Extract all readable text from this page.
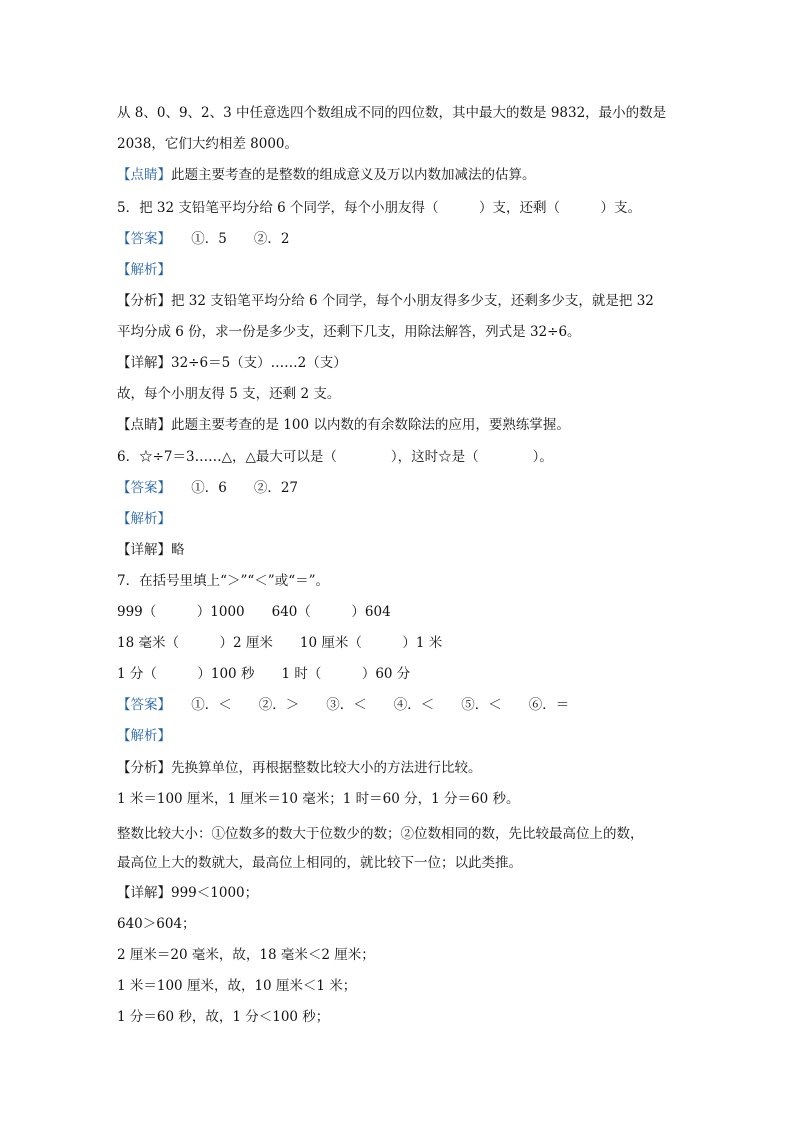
从 8、0、9、2、3 中任意选四个数组成不同的四位数，其中最大的数是 9832，最小的数是
2038，它们大约相差 8000。
【点睛】此题主要考查的是整数的组成意义及万以内数加减法的估算。
5．把 32 支铅笔平均分给 6 个同学，每个小朋友得（　　　）支，还剩（　　　）支。
【答案】　　①．5　　②．2
【解析】
【分析】把 32 支铅笔平均分给 6 个同学，每个小朋友得多少支，还剩多少支，就是把 32
平均分成 6 份，求一份是多少支，还剩下几支，用除法解答，列式是 32÷6。
【详解】32÷6＝5（支）……2（支）
故，每个小朋友得 5 支，还剩 2 支。
【点睛】此题主要考查的是 100 以内数的有余数除法的应用，要熟练掌握。
6．☆÷7＝3……△，△最大可以是（　　　　），这时☆是（　　　　）。
【答案】　　①．6　　②．27
【解析】
【详解】略
7．在括号里填上“＞”“＜”或“＝”。
999（　　　）1000　　640（　　　）604
18 毫米（　　　）2 厘米　　10 厘米（　　　）1 米
1 分（　　　）100 秒　　1 时（　　　）60 分
【答案】　　①．＜　　②．＞　　③．＜　　④．＜　　⑤．＜　　⑥．＝
【解析】
【分析】先换算单位，再根据整数比较大小的方法进行比较。
1 米＝100 厘米，1 厘米＝10 毫米；1 时＝60 分，1 分＝60 秒。
整数比较大小：①位数多的数大于位数少的数；②位数相同的数，先比较最高位上的数，
最高位上大的数就大，最高位上相同的，就比较下一位；以此类推。
【详解】999＜1000；
640＞604；
2 厘米＝20 毫米，故，18 毫米＜2 厘米；
1 米＝100 厘米，故，10 厘米＜1 米；
1 分＝60 秒，故，1 分＜100 秒；
